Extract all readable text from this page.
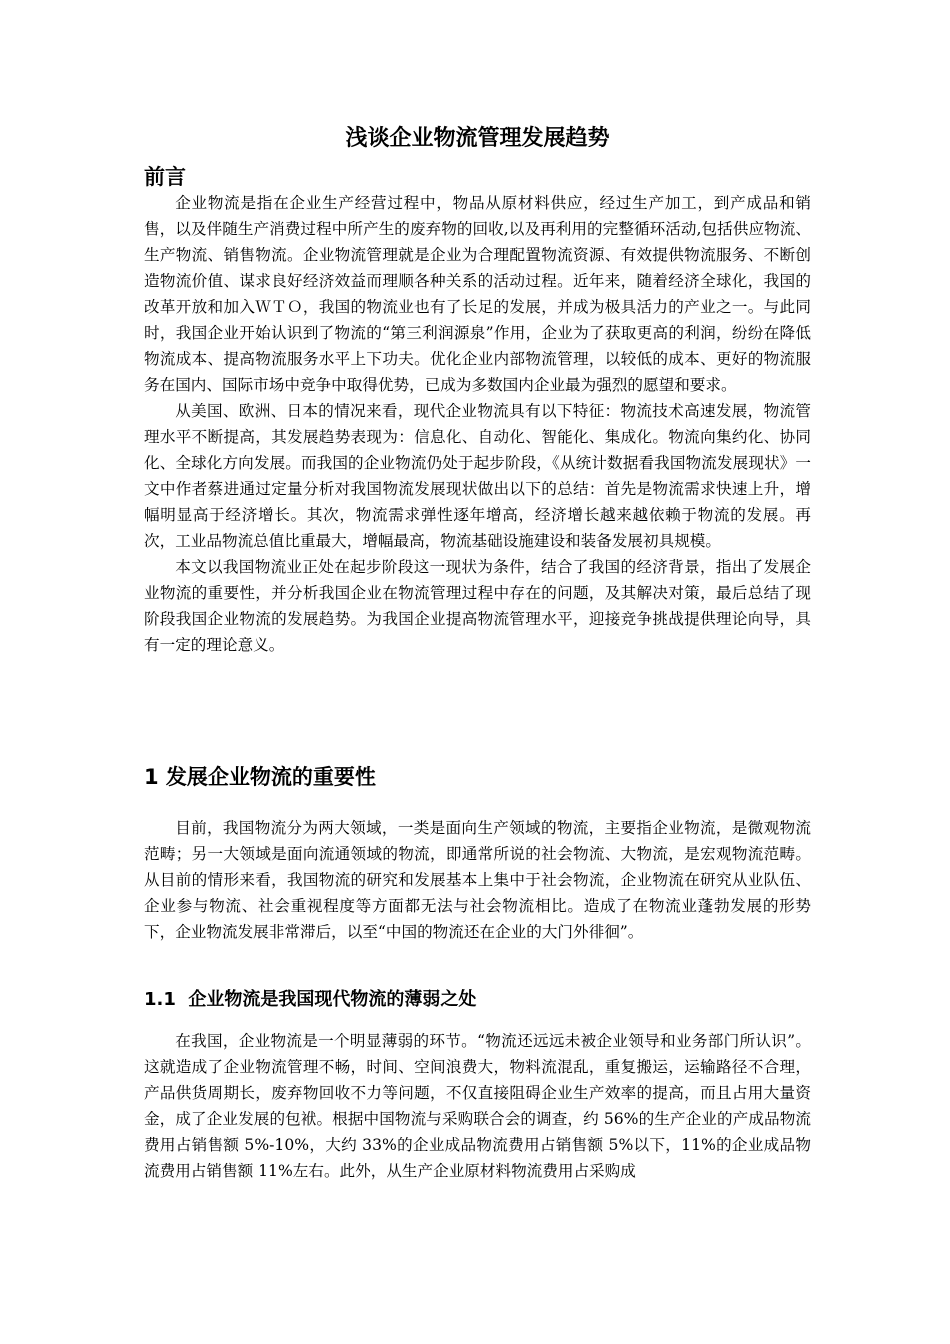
浅谈企业物流管理发展趋势
前言

企业物流是指在企业生产经营过程中，物品从原材料供应，经过生产加工，到产成品和销售，以及伴随生产消费过程中所产生的废弃物的回收,以及再利用的完整循环活动,包括供应物流、生产物流、销售物流。企业物流管理就是企业为合理配置物流资源、有效提供物流服务、不断创造物流价值、谋求良好经济效益而理顺各种关系的活动过程。近年来，随着经济全球化，我国的改革开放和加入ＷＴＯ，我国的物流业也有了长足的发展，并成为极具活力的产业之一。与此同时，我国企业开始认识到了物流的“第三利润源泉”作用，企业为了获取更高的利润，纷纷在降低物流成本、提高物流服务水平上下功夫。优化企业内部物流管理，以较低的成本、更好的物流服务在国内、国际市场中竞争中取得优势，已成为多数国内企业最为强烈的愿望和要求。

从美国、欧洲、日本的情况来看，现代企业物流具有以下特征：物流技术高速发展，物流管理水平不断提高，其发展趋势表现为：信息化、自动化、智能化、集成化。物流向集约化、协同化、全球化方向发展。而我国的企业物流仍处于起步阶段，《从统计数据看我国物流发展现状》一文中作者蔡进通过定量分析对我国物流发展现状做出以下的总结：首先是物流需求快速上升，增幅明显高于经济增长。其次，物流需求弹性逐年增高，经济增长越来越依赖于物流的发展。再次，工业品物流总值比重最大，增幅最高，物流基础设施建设和装备发展初具规模。

本文以我国物流业正处在起步阶段这一现状为条件，结合了我国的经济背景，指出了发展企业物流的重要性，并分析我国企业在物流管理过程中存在的问题，及其解决对策，最后总结了现阶段我国企业物流的发展趋势。为我国企业提高物流管理水平，迎接竞争挑战提供理论向导，具有一定的理论意义。

1 发展企业物流的重要性

目前，我国物流分为两大领域，一类是面向生产领域的物流，主要指企业物流，是微观物流范畴；另一大领域是面向流通领域的物流，即通常所说的社会物流、大物流，是宏观物流范畴。从目前的情形来看，我国物流的研究和发展基本上集中于社会物流，企业物流在研究从业队伍、企业参与物流、社会重视程度等方面都无法与社会物流相比。造成了在物流业蓬勃发展的形势下，企业物流发展非常滞后，以至“中国的物流还在企业的大门外徘徊”。

1.1  企业物流是我国现代物流的薄弱之处

在我国，企业物流是一个明显薄弱的环节。“物流还远远未被企业领导和业务部门所认识”。这就造成了企业物流管理不畅，时间、空间浪费大，物料流混乱，重复搬运，运输路径不合理，产品供货周期长，废弃物回收不力等问题，不仅直接阻碍企业生产效率的提高，而且占用大量资金，成了企业发展的包袱。根据中国物流与采购联合会的调查，约 56%的生产企业的产成品物流费用占销售额 5%-10%，大约 33%的企业成品物流费用占销售额 5%以下，11%的企业成品物流费用占销售额 11%左右。此外，从生产企业原材料物流费用占采购成
